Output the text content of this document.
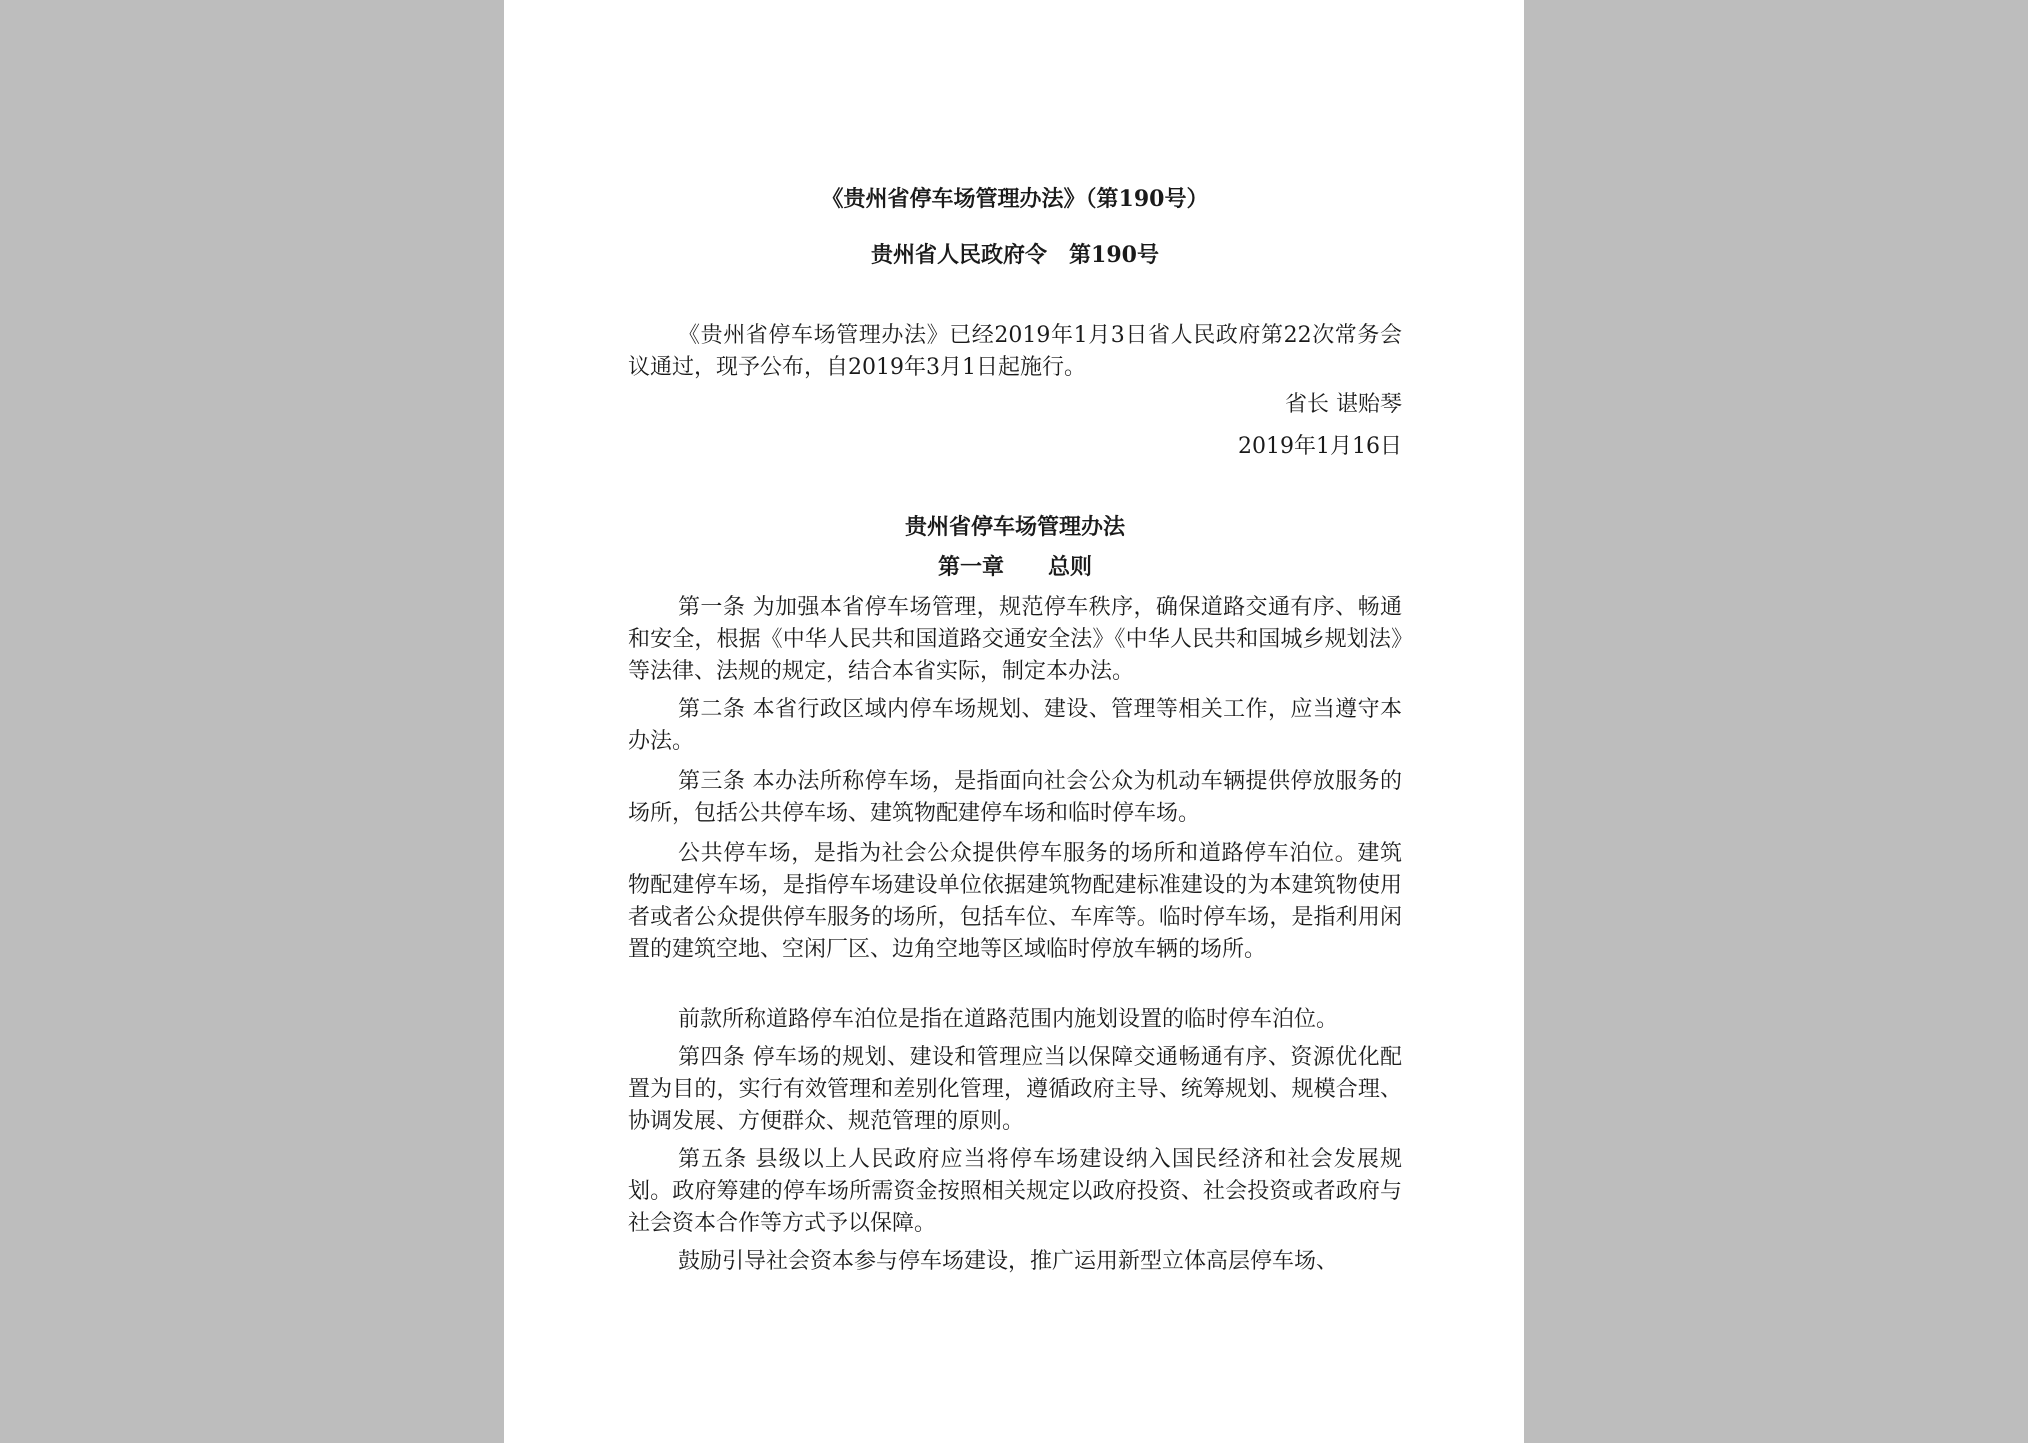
《贵州省停车场管理办法》（第190号）
贵州省人民政府令　第190号
《贵州省停车场管理办法》已经2019年1月3日省人民政府第22次常务会议通过，现予公布，自2019年3月1日起施行。
省长 谌贻琴
2019年1月16日
贵州省停车场管理办法
第一章　　总则
第一条 为加强本省停车场管理，规范停车秩序，确保道路交通有序、畅通和安全，根据《中华人民共和国道路交通安全法》《中华人民共和国城乡规划法》等法律、法规的规定，结合本省实际，制定本办法。
第二条 本省行政区域内停车场规划、建设、管理等相关工作，应当遵守本办法。
第三条 本办法所称停车场，是指面向社会公众为机动车辆提供停放服务的场所，包括公共停车场、建筑物配建停车场和临时停车场。
公共停车场，是指为社会公众提供停车服务的场所和道路停车泊位。建筑物配建停车场，是指停车场建设单位依据建筑物配建标准建设的为本建筑物使用者或者公众提供停车服务的场所，包括车位、车库等。临时停车场，是指利用闲置的建筑空地、空闲厂区、边角空地等区域临时停放车辆的场所。
前款所称道路停车泊位是指在道路范围内施划设置的临时停车泊位。
第四条 停车场的规划、建设和管理应当以保障交通畅通有序、资源优化配置为目的，实行有效管理和差别化管理，遵循政府主导、统筹规划、规模合理、协调发展、方便群众、规范管理的原则。
第五条 县级以上人民政府应当将停车场建设纳入国民经济和社会发展规划。政府筹建的停车场所需资金按照相关规定以政府投资、社会投资或者政府与社会资本合作等方式予以保障。
鼓励引导社会资本参与停车场建设，推广运用新型立体高层停车场、
